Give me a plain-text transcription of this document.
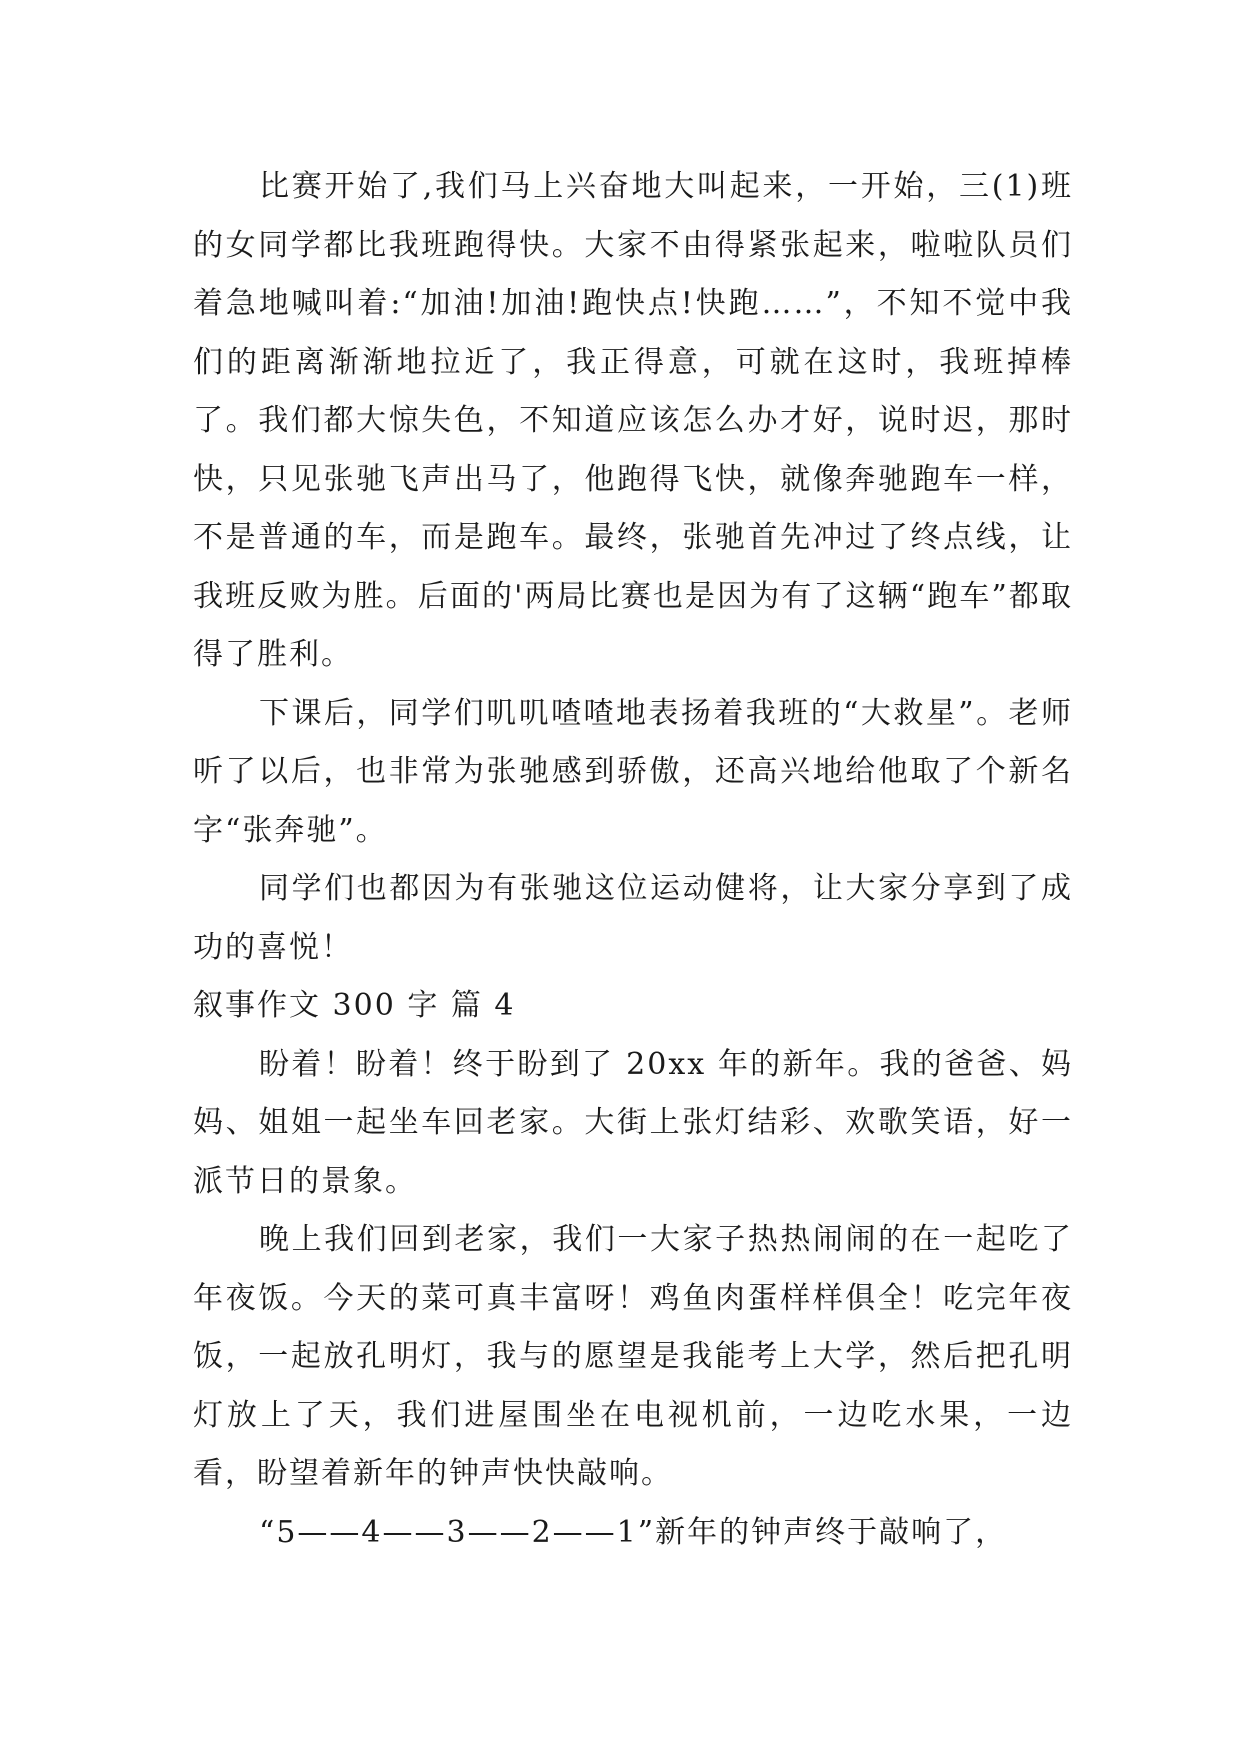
比赛开始了,我们马上兴奋地大叫起来，一开始，三(1)班的女同学都比我班跑得快。大家不由得紧张起来，啦啦队员们着急地喊叫着:“加油!加油!跑快点!快跑……”，不知不觉中我们的距离渐渐地拉近了，我正得意，可就在这时，我班掉棒了。我们都大惊失色，不知道应该怎么办才好，说时迟，那时快，只见张驰飞声出马了，他跑得飞快，就像奔驰跑车一样，不是普通的车，而是跑车。最终，张驰首先冲过了终点线，让我班反败为胜。后面的'两局比赛也是因为有了这辆“跑车”都取得了胜利。

下课后，同学们叽叽喳喳地表扬着我班的“大救星”。老师听了以后，也非常为张驰感到骄傲，还高兴地给他取了个新名字“张奔驰”。

同学们也都因为有张驰这位运动健将，让大家分享到了成功的喜悦！

叙事作文 300 字 篇 4

盼着！盼着！终于盼到了 20xx 年的新年。我的爸爸、妈妈、姐姐一起坐车回老家。大街上张灯结彩、欢歌笑语，好一派节日的景象。

晚上我们回到老家，我们一大家子热热闹闹的在一起吃了年夜饭。今天的菜可真丰富呀！鸡鱼肉蛋样样俱全！吃完年夜饭，一起放孔明灯，我与的愿望是我能考上大学，然后把孔明灯放上了天，我们进屋围坐在电视机前，一边吃水果，一边看，盼望着新年的钟声快快敲响。

“5——4——3——2——1”新年的钟声终于敲响了，
